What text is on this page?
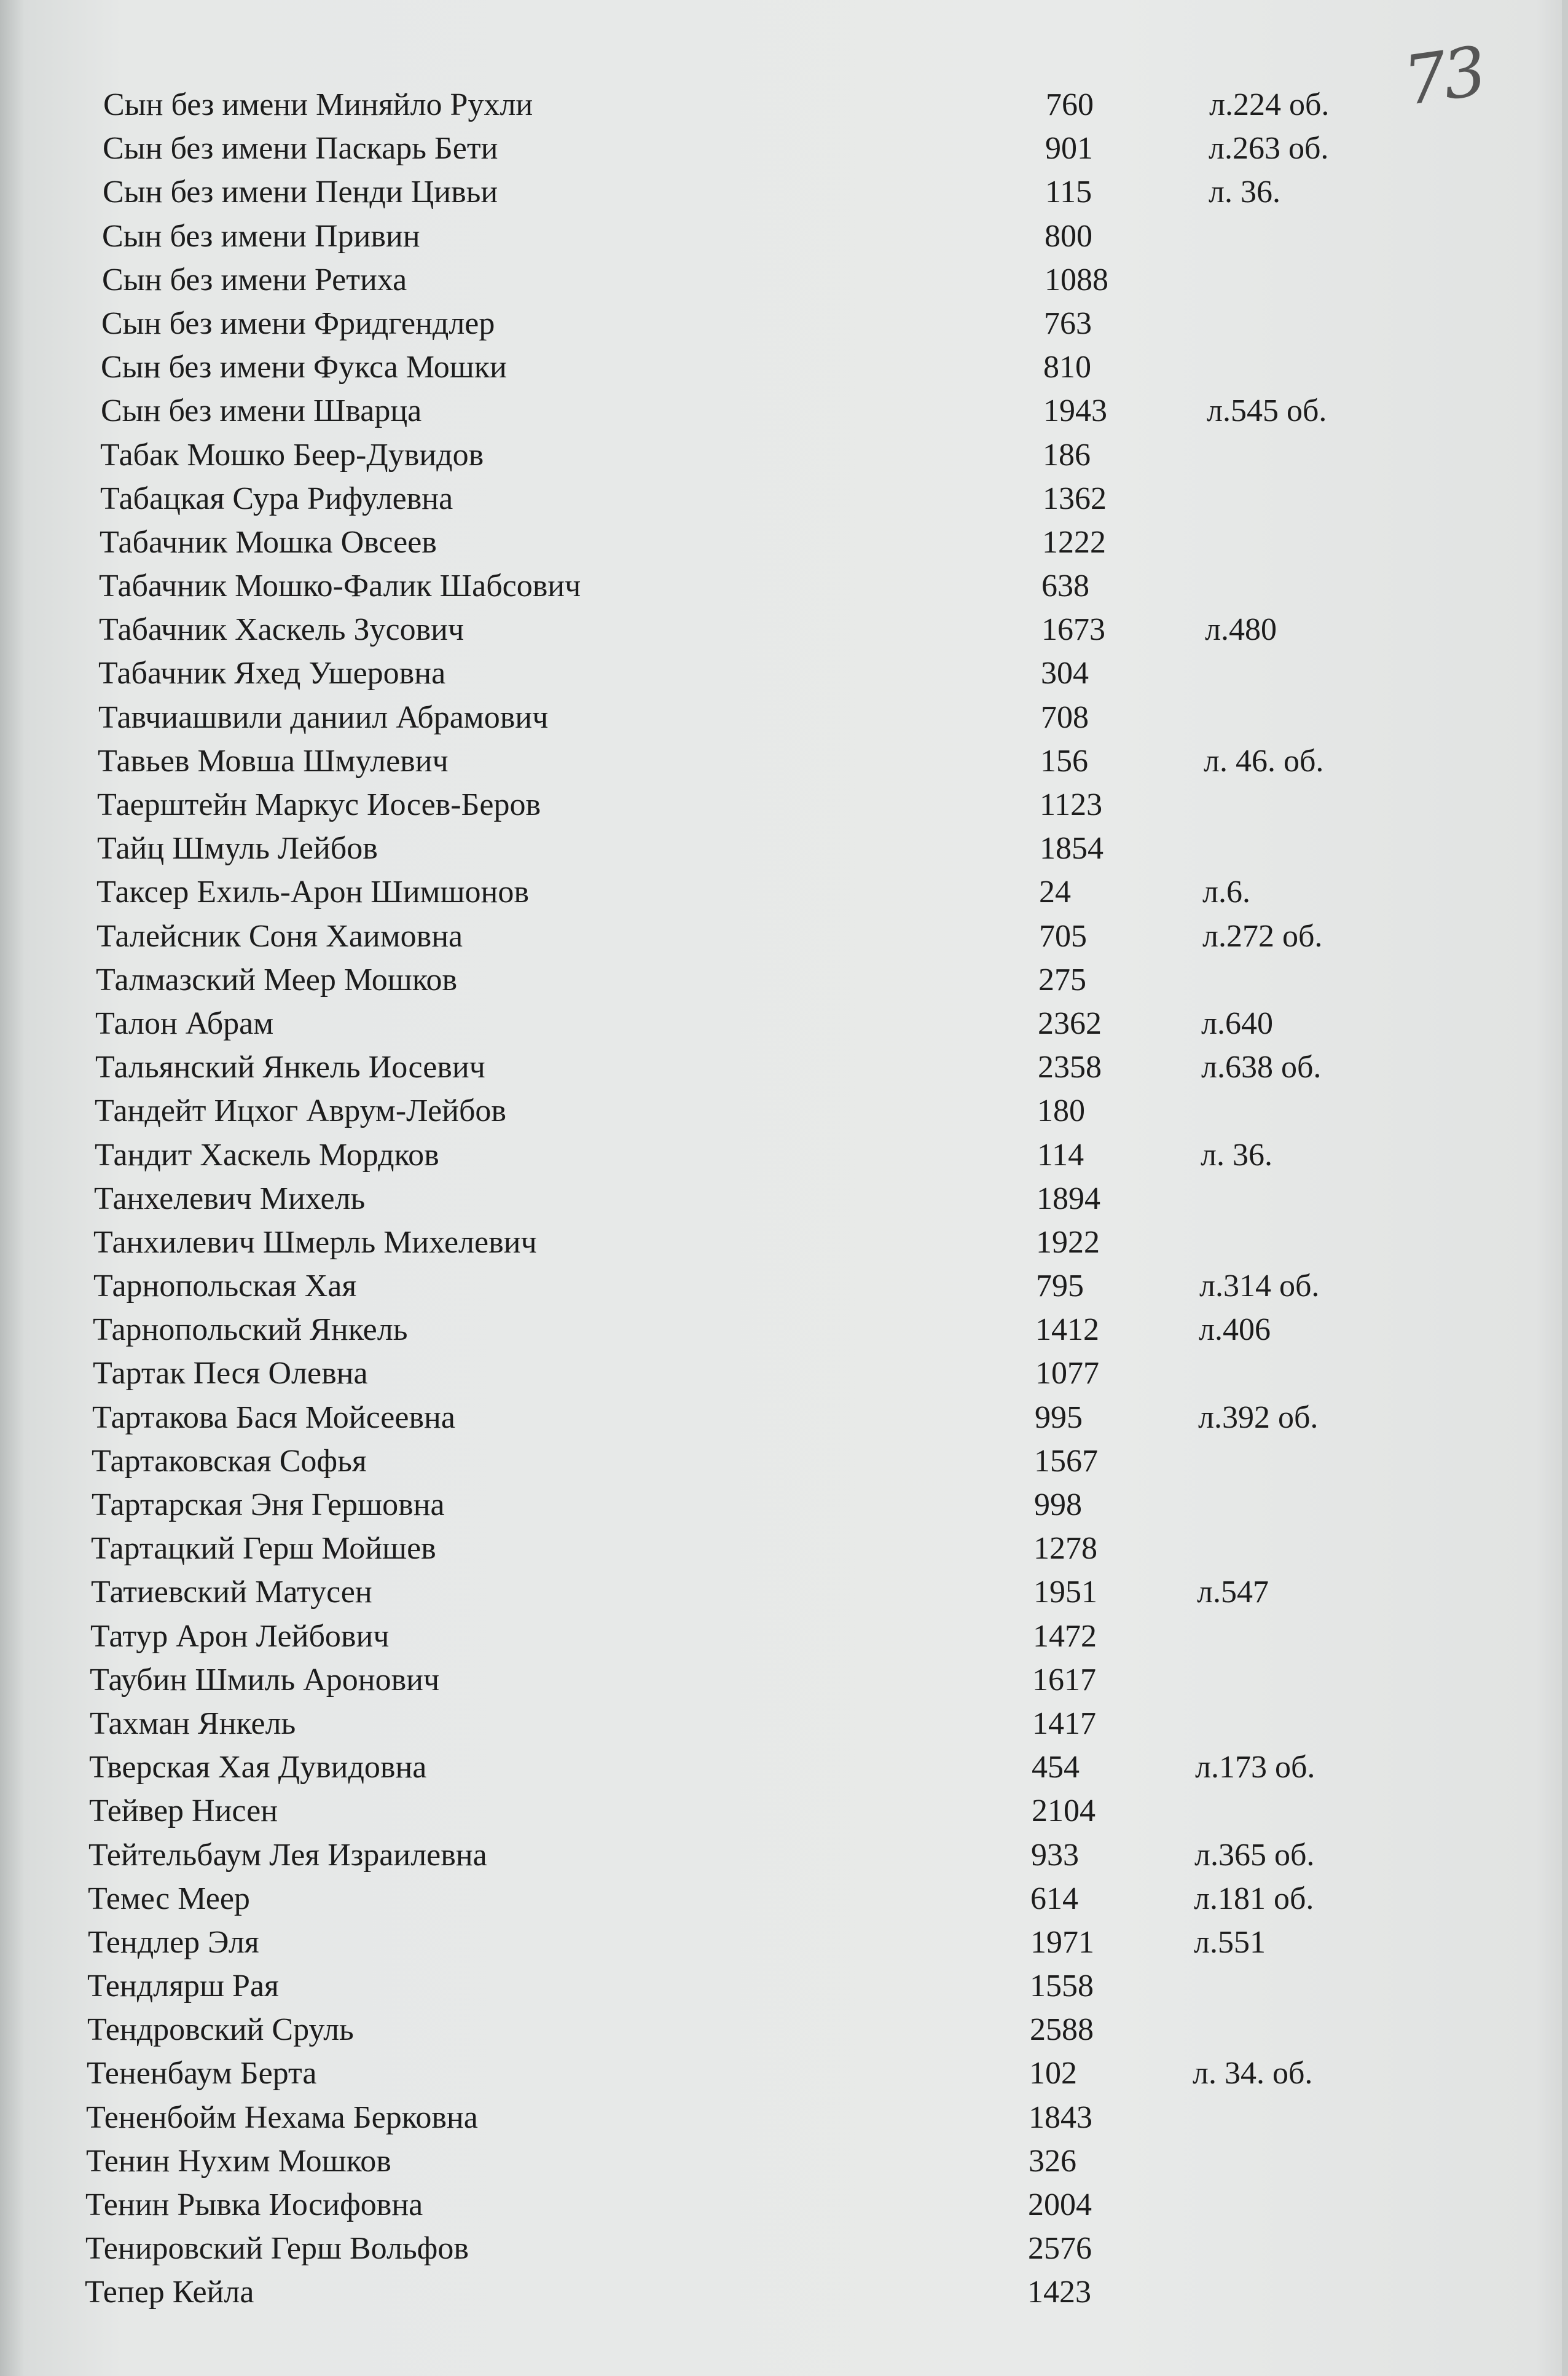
73
Сын без имени Миняйло Рухли	760	л.224 об.
Сын без имени Паскарь Бети	901	л.263 об.
Сын без имени Пенди Цивьи	115	л. 36.
Сын без имени Привин	800
Сын без имени Ретиха	1088
Сын без имени Фридгендлер	763
Сын без имени Фукса Мошки	810
Сын без имени Шварца	1943	л.545 об.
Табак Мошко Беер-Дувидов	186
Табацкая Сура Рифулевна	1362
Табачник Мошка Овсеев	1222
Табачник Мошко-Фалик Шабсович	638
Табачник Хаскель Зусович	1673	л.480
Табачник Яхед Ушеровна	304
Тавчиашвили даниил Абрамович	708
Тавьев Мовша Шмулевич	156	л. 46. об.
Таерштейн Маркус Иосев-Беров	1123
Тайц Шмуль Лейбов	1854
Таксер Ехиль-Арон Шимшонов	24	л.6.
Талейсник Соня Хаимовна	705	л.272 об.
Талмазский Меер Мошков	275
Талон Абрам	2362	л.640
Тальянский Янкель Иосевич	2358	л.638 об.
Тандейт Ицхог Аврум-Лейбов	180
Тандит Хаскель Мордков	114	л. 36.
Танхелевич Михель	1894
Танхилевич Шмерль Михелевич	1922
Тарнопольская Хая	795	л.314 об.
Тарнопольский Янкель	1412	л.406
Тартак Песя Олевна	1077
Тартакова Бася Мойсеевна	995	л.392 об.
Тартаковская Софья	1567
Тартарская Эня Гершовна	998
Тартацкий Герш Мойшев	1278
Татиевский Матусен	1951	л.547
Татур Арон Лейбович	1472
Таубин Шмиль Аронович	1617
Тахман Янкель	1417
Тверская Хая Дувидовна	454	л.173 об.
Тейвер Нисен	2104
Тейтельбаум Лея Израилевна	933	л.365 об.
Темес Меер	614	л.181 об.
Тендлер Эля	1971	л.551
Тендлярш Рая	1558
Тендровский Сруль	2588
Тененбаум Берта	102	л. 34. об.
Тененбойм Нехама Берковна	1843
Тенин Нухим Мошков	326
Тенин Рывка Иосифовна	2004
Тенировский Герш Вольфов	2576
Тепер Кейла	1423
